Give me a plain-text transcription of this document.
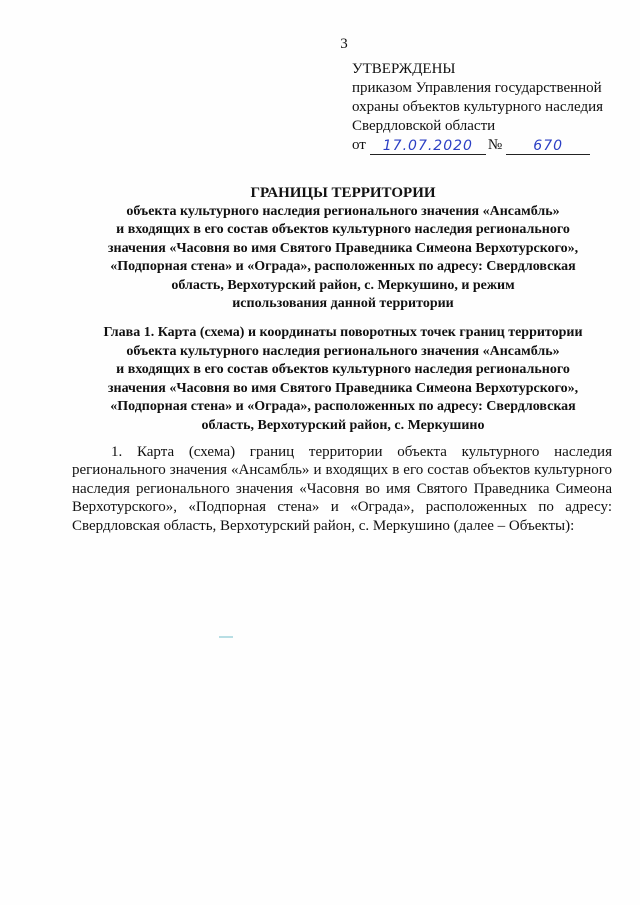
3
УТВЕРЖДЕНЫ
приказом Управления государственной
охраны объектов культурного наследия
Свердловской области
от	17.07.2020 №	670
ГРАНИЦЫ ТЕРРИТОРИИ
объекта культурного наследия регионального значения «Ансамбль»
и входящих в его состав объектов культурного наследия регионального
значения «Часовня во имя Святого Праведника Симеона Верхотурского»,
«Подпорная стена» и «Ограда», расположенных по адресу: Свердловская
область, Верхотурский район, с. Меркушино, и режим
использования данной территории
Глава 1. Карта (схема) и координаты поворотных точек границ территории
объекта культурного наследия регионального значения «Ансамбль»
и входящих в его состав объектов культурного наследия регионального
значения «Часовня во имя Святого Праведника Симеона Верхотурского»,
«Подпорная стена» и «Ограда», расположенных по адресу: Свердловская
область, Верхотурский район, с. Меркушино

1. Карта (схема) границ территории объекта культурного наследия регионального значения «Ансамбль» и входящих в его состав объектов культурного наследия регионального значения «Часовня во имя Святого Праведника Симеона Верхотурского», «Подпорная стена» и «Ограда», расположенных по адресу: Свердловская область, Верхотурский район, с. Меркушино (далее – Объекты):
